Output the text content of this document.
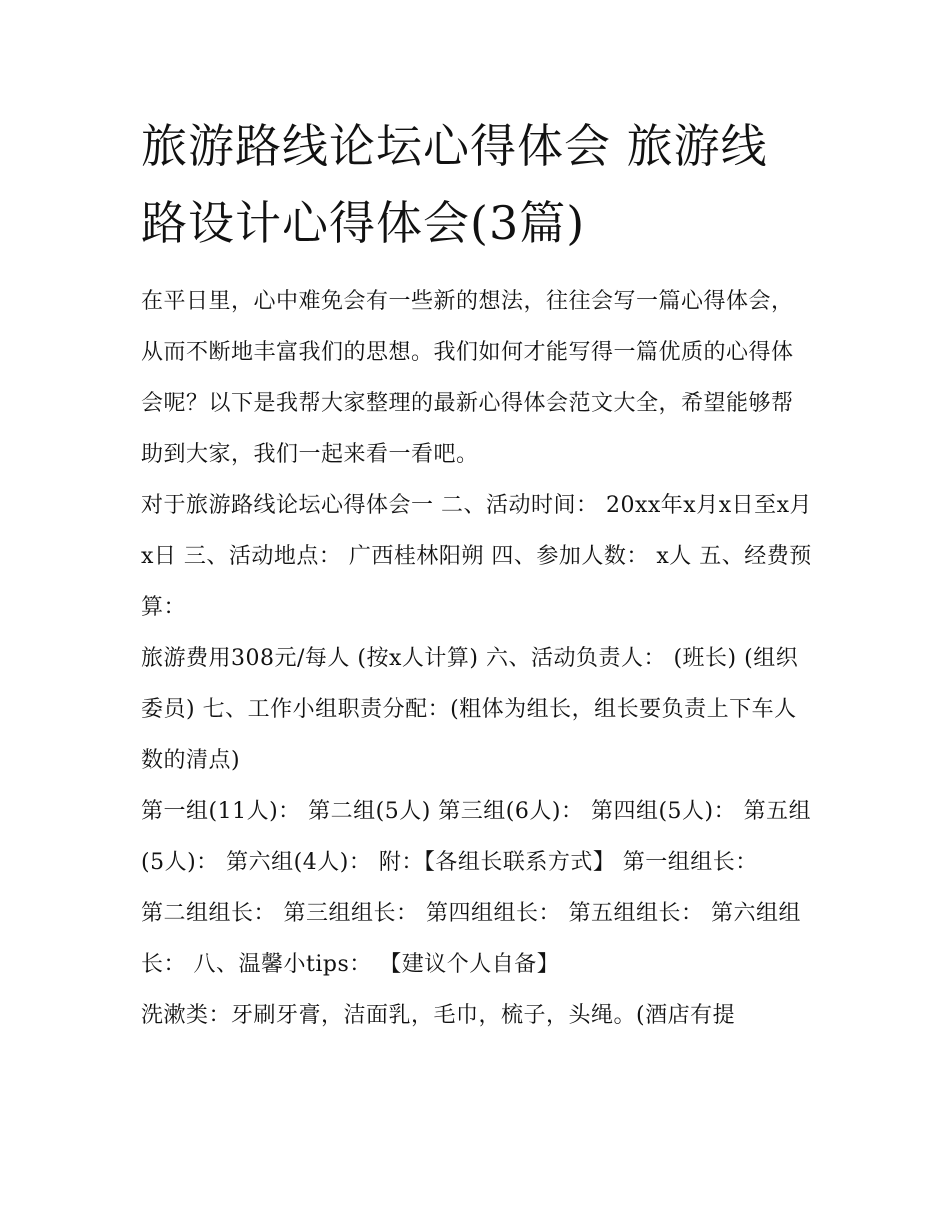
旅游路线论坛心得体会 旅游线路设计心得体会(3篇)

在平日里，心中难免会有一些新的想法，往往会写一篇心得体会，从而不断地丰富我们的思想。我们如何才能写得一篇优质的心得体会呢？以下是我帮大家整理的最新心得体会范文大全，希望能够帮助到大家，我们一起来看一看吧。

对于旅游路线论坛心得体会一 二、活动时间： 20xx年x月x日至x月x日 三、活动地点： 广西桂林阳朔 四、参加人数： x人 五、经费预算：

旅游费用308元/每人 (按x人计算) 六、活动负责人： (班长) (组织委员) 七、工作小组职责分配：(粗体为组长，组长要负责上下车人数的清点)

第一组(11人)： 第二组(5人) 第三组(6人)： 第四组(5人)： 第五组(5人)： 第六组(4人)： 附：【各组长联系方式】 第一组组长：

第二组组长： 第三组组长： 第四组组长： 第五组组长： 第六组组长： 八、温馨小tips： 【建议个人自备】

洗漱类：牙刷牙膏，洁面乳，毛巾，梳子，头绳。(酒店有提
